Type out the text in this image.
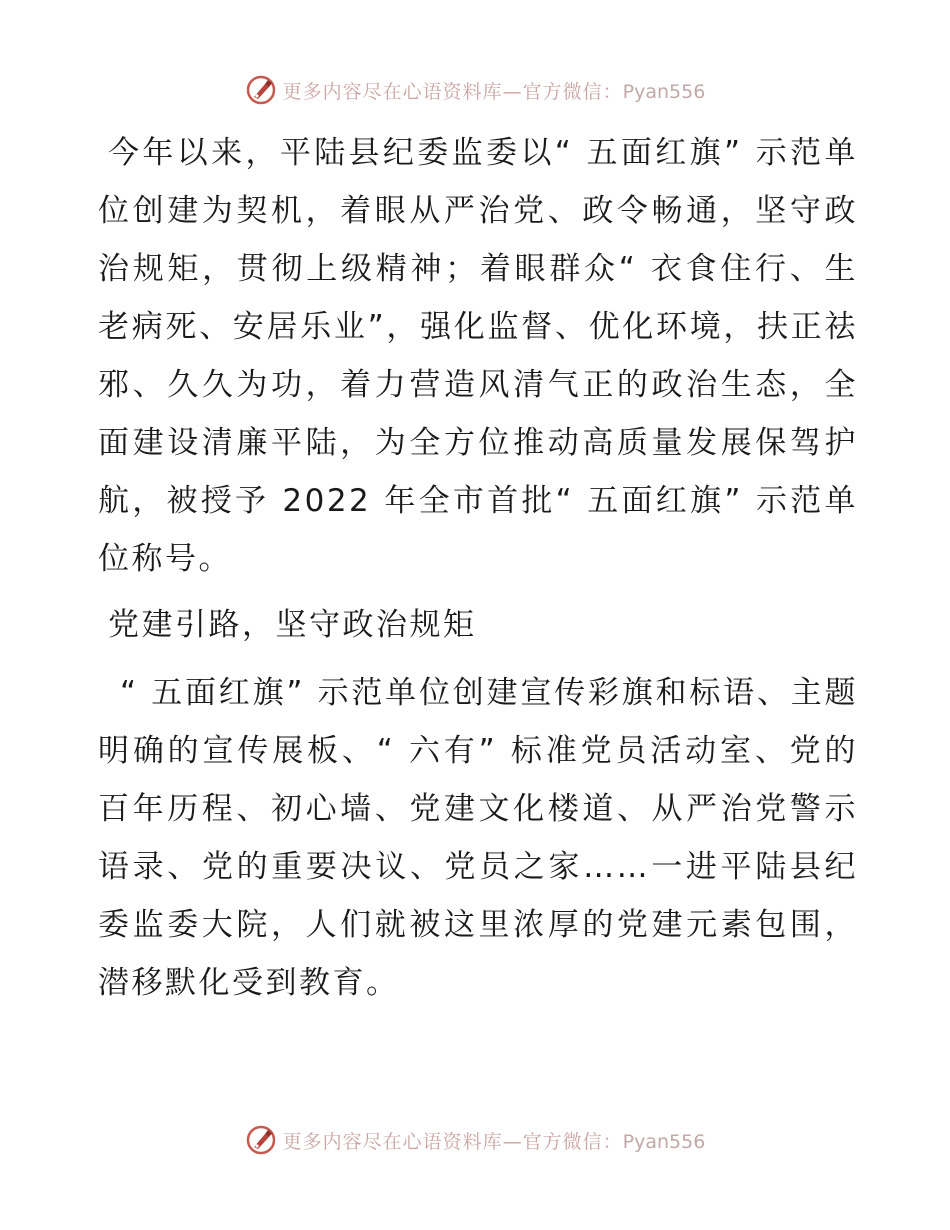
更多内容尽在心语资料库—官方微信：Pyan556

今年以来，平陆县纪委监委以“ 五面红旗” 示范单位创建为契机，着眼从严治党、政令畅通，坚守政治规矩，贯彻上级精神；着眼群众“ 衣食住行、生老病死、安居乐业”，强化监督、优化环境，扶正祛邪、久久为功，着力营造风清气正的政治生态，全面建设清廉平陆，为全方位推动高质量发展保驾护航，被授予 2022 年全市首批“ 五面红旗” 示范单位称号。

党建引路，坚守政治规矩

“ 五面红旗” 示范单位创建宣传彩旗和标语、主题明确的宣传展板、“ 六有” 标准党员活动室、党的百年历程、初心墙、党建文化楼道、从严治党警示语录、党的重要决议、党员之家……一进平陆县纪委监委大院，人们就被这里浓厚的党建元素包围，潜移默化受到教育。

更多内容尽在心语资料库—官方微信：Pyan556
